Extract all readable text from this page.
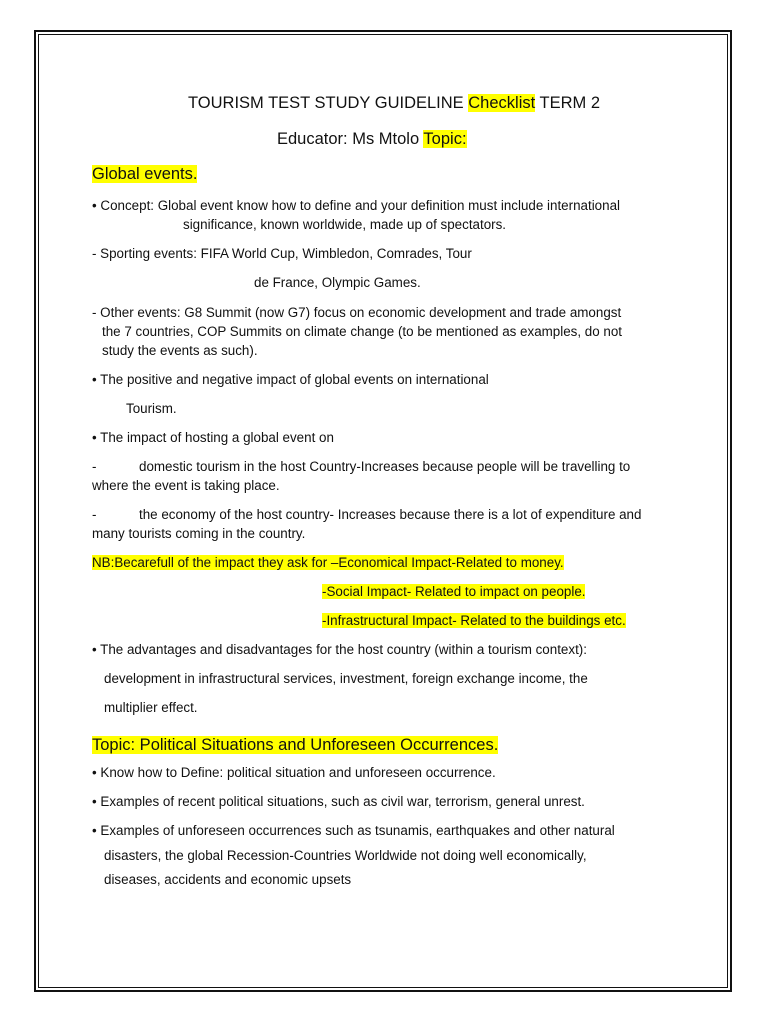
TOURISM TEST STUDY GUIDELINE Checklist TERM 2
Educator: Ms Mtolo Topic:
Global events.
• Concept: Global event know how to define and your definition must include international
significance, known worldwide, made up of spectators.
- Sporting events: FIFA World Cup, Wimbledon, Comrades, Tour
de France, Olympic Games.
- Other events: G8 Summit (now G7) focus on economic development and trade amongst
the 7 countries, COP Summits on climate change (to be mentioned as examples, do not
study the events as such).
• The positive and negative impact of global events on international
Tourism.
• The impact of hosting a global event on
-	domestic tourism in the host Country-Increases because people will be travelling to
where the event is taking place.
-	the economy of the host country- Increases because there is a lot of expenditure and
many tourists coming in the country.
NB:Becarefull of the impact they ask for –Economical Impact-Related to money.
-Social Impact- Related to impact on people.
-Infrastructural Impact- Related to the buildings etc.
• The advantages and disadvantages for the host country (within a tourism context):
development in infrastructural services, investment, foreign exchange income, the
multiplier effect.
Topic: Political Situations and Unforeseen Occurrences.
• Know how to Define: political situation and unforeseen occurrence.
• Examples of recent political situations, such as civil war, terrorism, general unrest.
• Examples of unforeseen occurrences such as tsunamis, earthquakes and other natural
disasters, the global Recession-Countries Worldwide not doing well economically,
diseases, accidents and economic upsets
